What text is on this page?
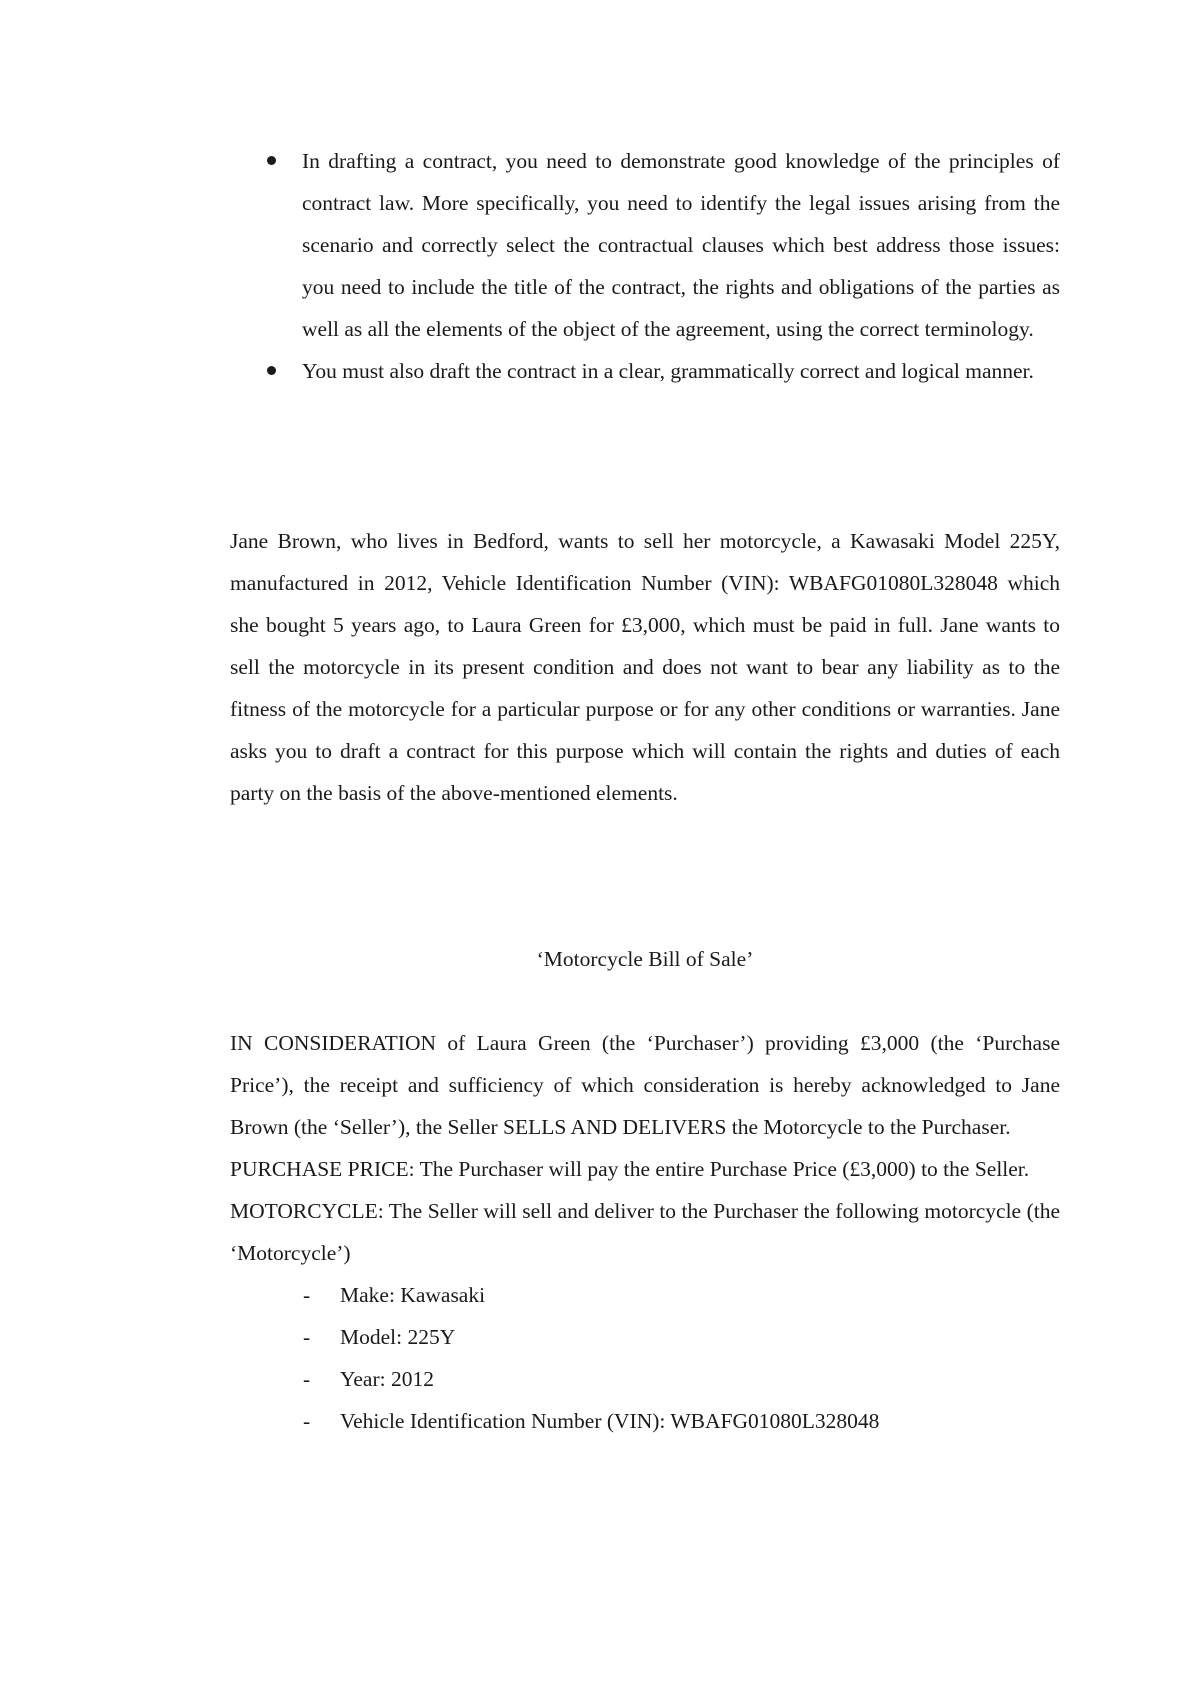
In drafting a contract, you need to demonstrate good knowledge of the principles of contract law. More specifically, you need to identify the legal issues arising from the scenario and correctly select the contractual clauses which best address those issues: you need to include the title of the contract, the rights and obligations of the parties as well as all the elements of the object of the agreement, using the correct terminology.
You must also draft the contract in a clear, grammatically correct and logical manner.

Jane Brown, who lives in Bedford, wants to sell her motorcycle, a Kawasaki Model 225Y, manufactured in 2012, Vehicle Identification Number (VIN): WBAFG01080L328048 which she bought 5 years ago, to Laura Green for £3,000, which must be paid in full. Jane wants to sell the motorcycle in its present condition and does not want to bear any liability as to the fitness of the motorcycle for a particular purpose or for any other conditions or warranties. Jane asks you to draft a contract for this purpose which will contain the rights and duties of each party on the basis of the above-mentioned elements.

‘Motorcycle Bill of Sale’

IN CONSIDERATION of Laura Green (the ‘Purchaser’) providing £3,000 (the ‘Purchase Price’), the receipt and sufficiency of which consideration is hereby acknowledged to Jane Brown (the ‘Seller’), the Seller SELLS AND DELIVERS the Motorcycle to the Purchaser.

PURCHASE PRICE: The Purchaser will pay the entire Purchase Price (£3,000) to the Seller.

MOTORCYCLE: The Seller will sell and deliver to the Purchaser the following motorcycle (the ‘Motorcycle’)

- Make: Kawasaki
- Model: 225Y
- Year: 2012
- Vehicle Identification Number (VIN): WBAFG01080L328048
